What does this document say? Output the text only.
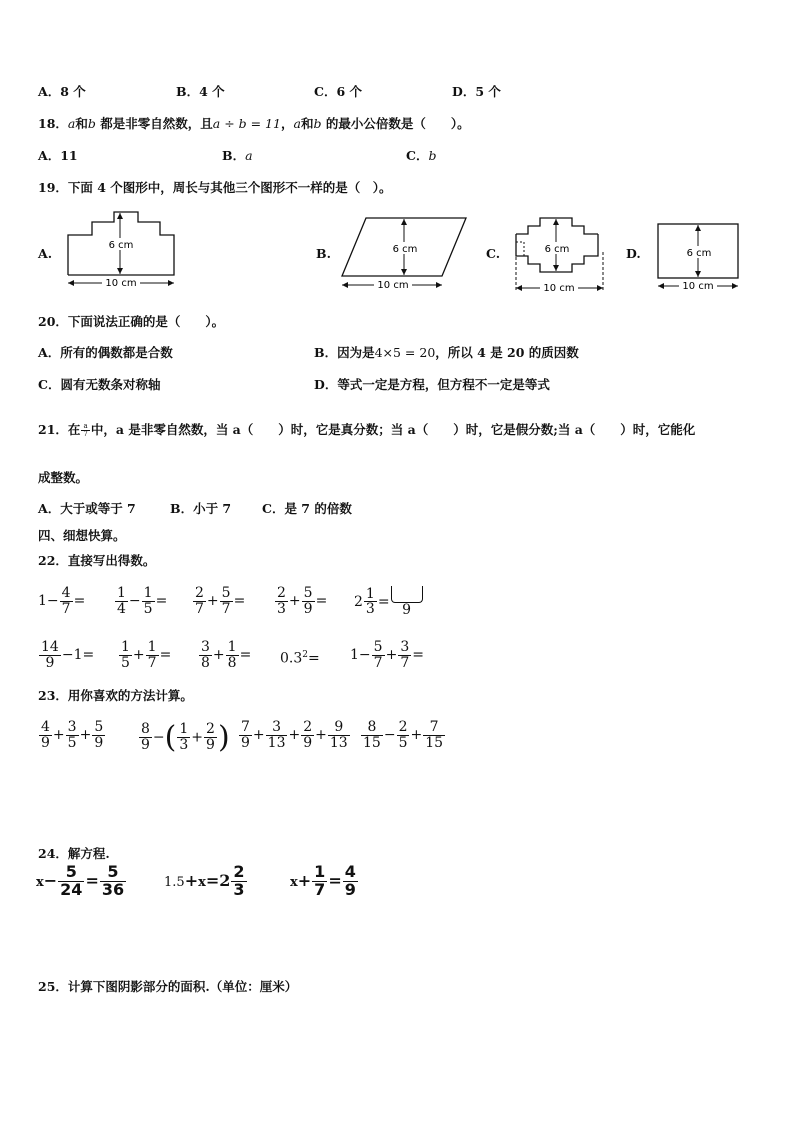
A．8 个	B．4 个	C．6 个	D．5 个
18．a和b 都是非零自然数，且a ÷ b = 11，a和b 的最小公倍数是（　　）。
A．11	B．a	C．b
19．下面 4 个图形中，周长与其他三个图形不一样的是（　）。
A.
6 cm
10 cm
B.	6 cm
10 cm
C.	6 cm
10 cm
D.	6 cm
10 cm
20．下面说法正确的是（　　）。
A．所有的偶数都是合数	B．因为是4×5 = 20，所以 4 是 20 的质因数
C．圆有无数条对称轴	D．等式一定是方程，但方程不一定是等式
21．在 $\frac{a}{7}$ 中，a 是非零自然数，当 a（　　）时，它是真分数；当 a（　　）时，它是假分数;当 a（　　）时，它能化
成整数。
A．大于或等于 7	B．小于 7 C．是 7 的倍数
四、细想快算。
22．直接写出得数。
$1- \frac{4}{7} = \frac{1}{4} - \frac{1}{5} = \frac{2}{7} + \frac{5}{7} = \frac{2}{3} + \frac{5}{9} = 2 \frac{1}{3}$ =

9
$\frac{14}{9} -1= \frac{1}{5} + \frac{1}{7} = \frac{3}{8} + \frac{1}{8} = 0.3^2= 1- \frac{5}{7} + \frac{3}{7}$ =
23．用你喜欢的方法计算。
$\frac{4}{9} + \frac{3}{5} + \frac{5}{9} \frac{8}{9}$ −( $\frac{1}{3} + \frac{2}{9}$ ) $\frac{7}{9} + \frac{3}{13} + \frac{2}{9} + \frac{9}{13} \frac{8}{15} - \frac{2}{5} + \frac{7}{15}$
24．解方程.
$x- \frac{5}{24} = \frac{5}{36}$	$1.5+x=2 \frac{2}{3}$	$x+ \frac{1}{7} = \frac{4}{9}$
25．计算下图阴影部分的面积.（单位：厘米）
